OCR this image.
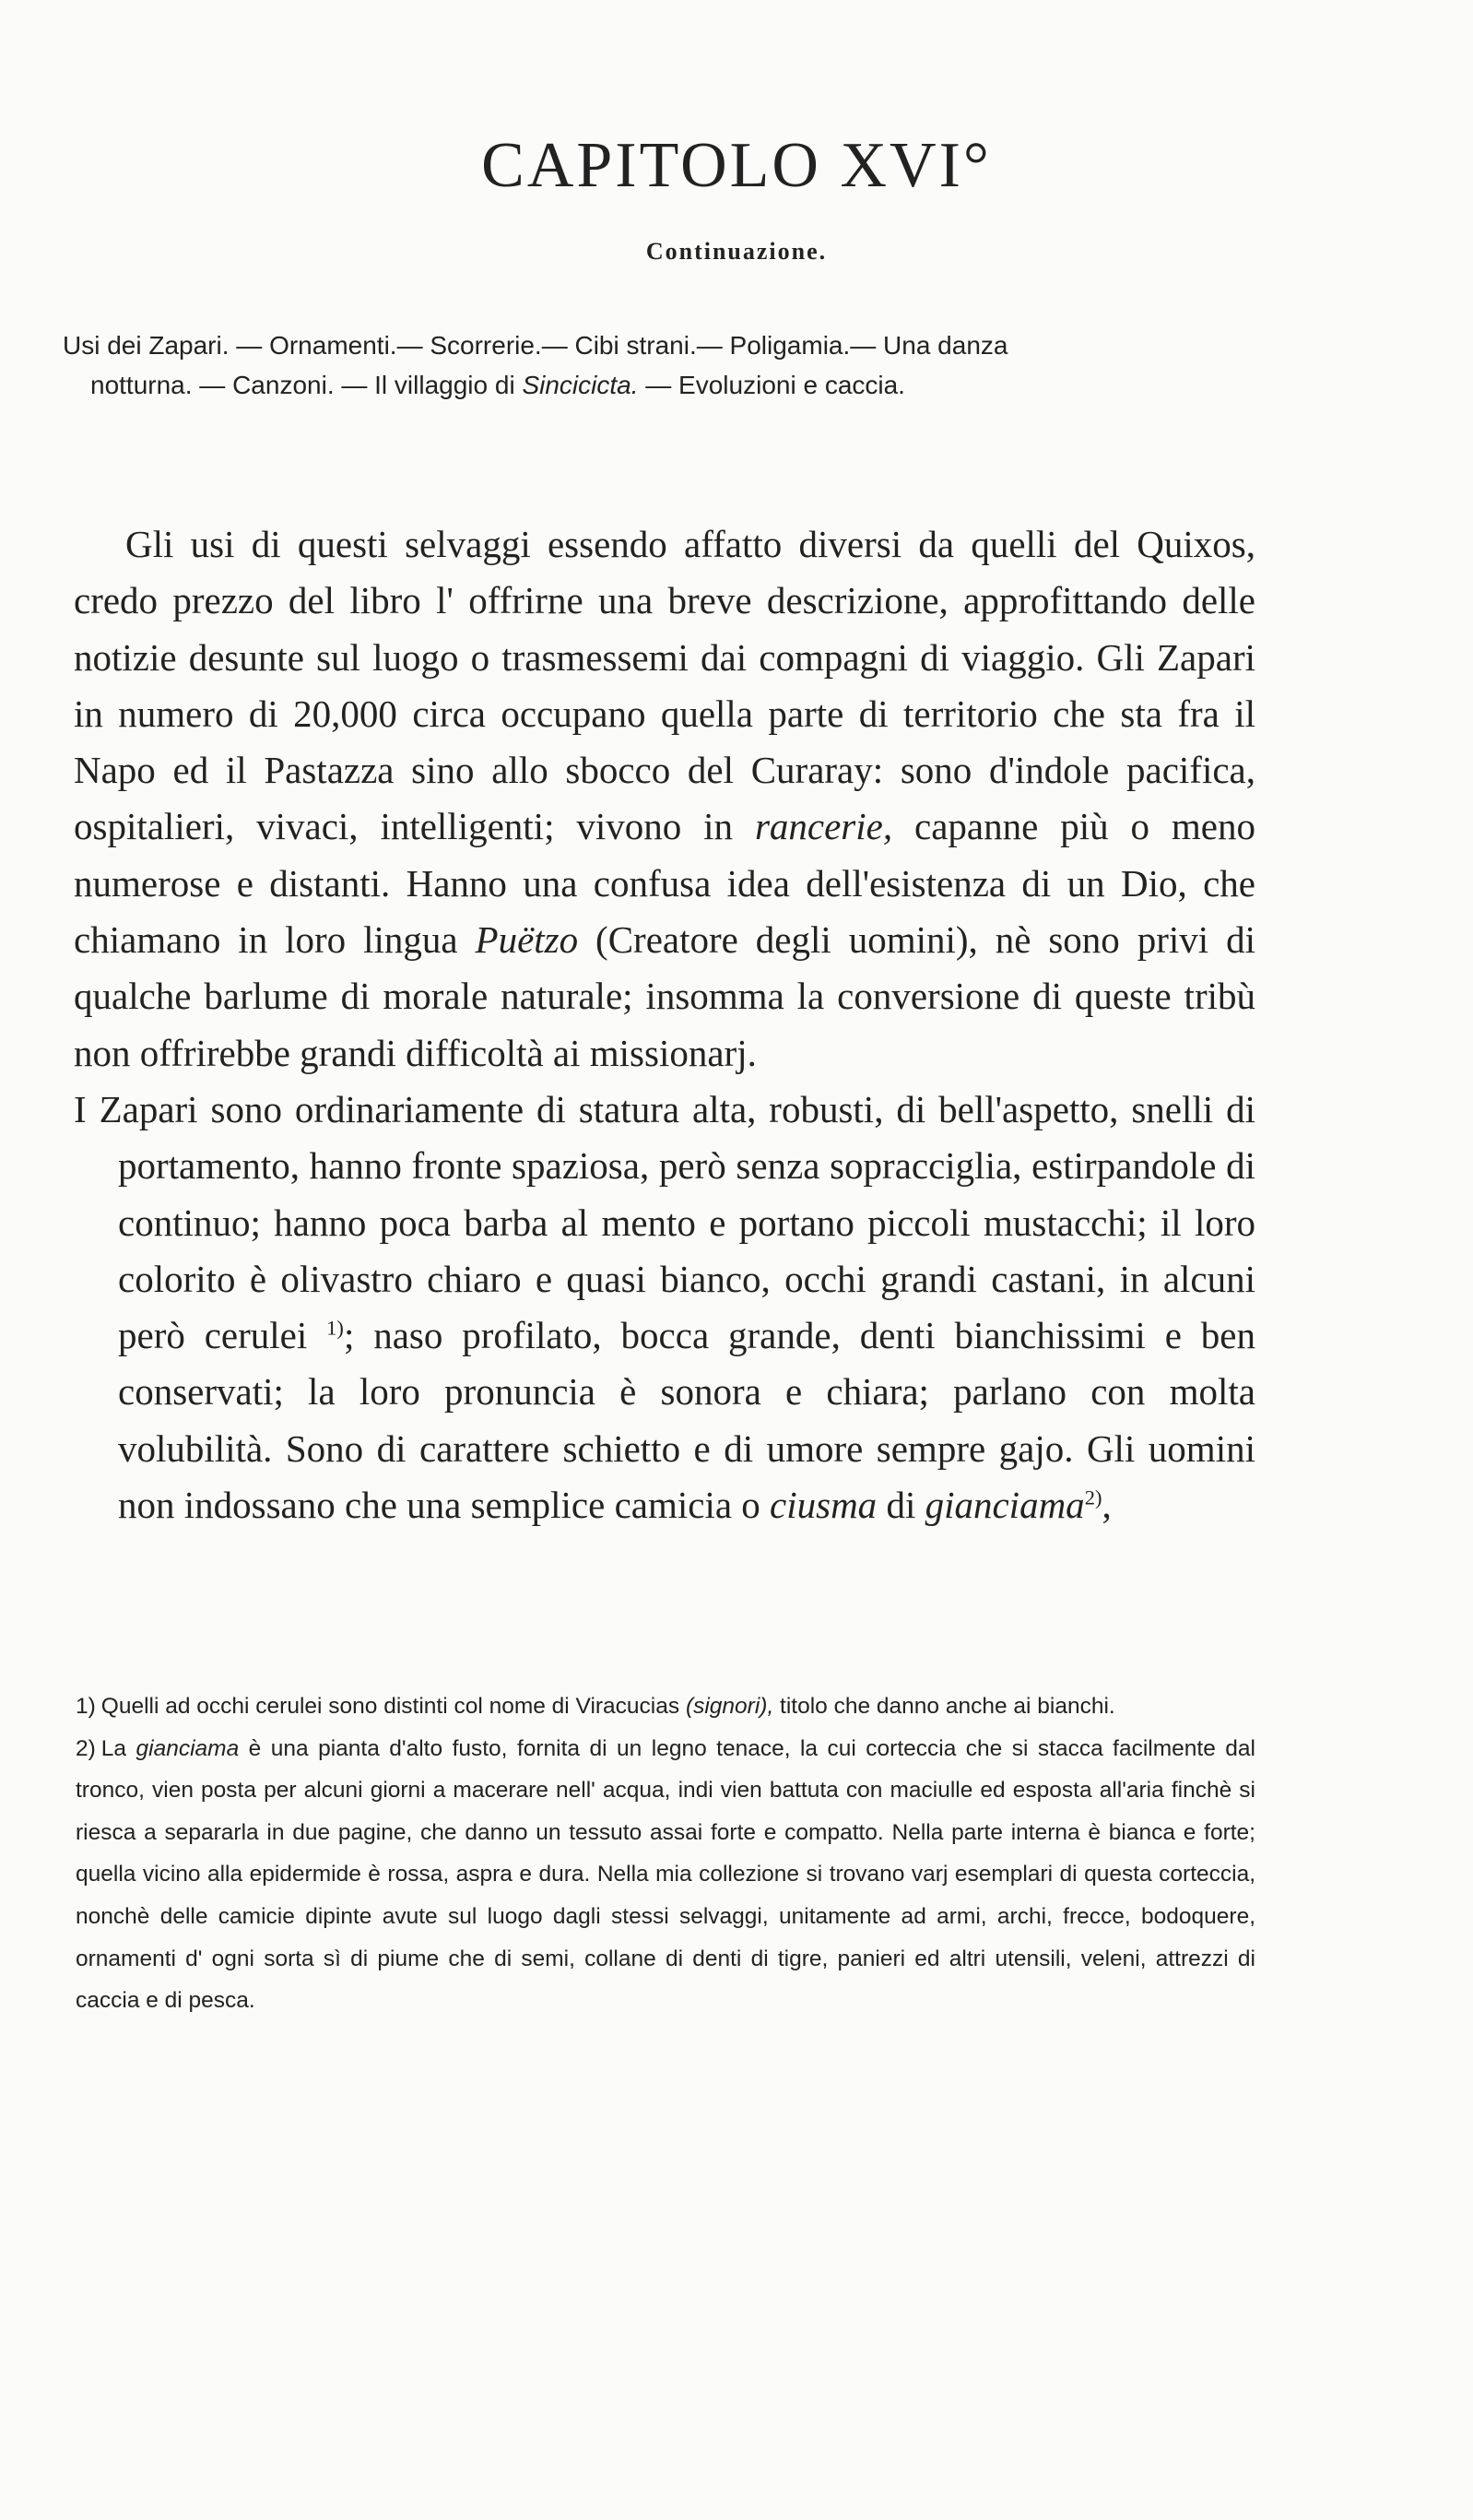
CAPITOLO XVI°
Continuazione.
Usi dei Zapari. — Ornamenti.— Scorrerie.— Cibi strani.— Poligamia.— Una danza
notturna. — Canzoni. — Il villaggio di Sincicicta. — Evoluzioni e caccia.

Gli usi di questi selvaggi essendo affatto diversi da quelli del Quixos, credo prezzo del libro l' offrirne una breve descrizione, approfittando delle notizie desunte sul luogo o trasmessemi dai compagni di viaggio. Gli Zapari in numero di 20,000 circa occupano quella parte di territorio che sta fra il Napo ed il Pastazza sino allo sbocco del Curaray: sono d'indole pacifica, ospitalieri, vivaci, intelligenti; vivono in rancerie, capanne più o meno numerose e distanti. Hanno una confusa idea dell'esistenza di un Dio, che chiamano in loro lingua Puëtzo (Creatore degli uomini), nè sono privi di qualche barlume di morale naturale; insomma la conversione di queste tribù non offrirebbe grandi difficoltà ai missionarj.

I Zapari sono ordinariamente di statura alta, robusti, di bell'aspetto, snelli di portamento, hanno fronte spaziosa, però senza sopracciglia, estirpandole di continuo; hanno poca barba al mento e portano piccoli mustacchi; il loro colorito è olivastro chiaro e quasi bianco, occhi grandi castani, in alcuni però cerulei $^{1)}$; naso profilato, bocca grande, denti bianchissimi e ben conservati; la loro pronuncia è sonora e chiara; parlano con molta volubilità. Sono di carattere schietto e di umore sempre gajo. Gli uomini non indossano che una semplice camicia o ciusma di gianciama$^{2)}$,

1) Quelli ad occhi cerulei sono distinti col nome di Viracucias (signori), titolo che danno anche ai bianchi.

2) La gianciama è una pianta d'alto fusto, fornita di un legno tenace, la cui corteccia che si stacca facilmente dal tronco, vien posta per alcuni giorni a macerare nell' acqua, indi vien battuta con maciulle ed esposta all'aria finchè si riesca a separarla in due pagine, che danno un tessuto assai forte e compatto. Nella parte interna è bianca e forte; quella vicino alla epidermide è rossa, aspra e dura. Nella mia collezione si trovano varj esemplari di questa corteccia, nonchè delle camicie dipinte avute sul luogo dagli stessi selvaggi, unitamente ad armi, archi, frecce, bodoquere, ornamenti d' ogni sorta sì di piume che di semi, collane di denti di tigre, panieri ed altri utensili, veleni, attrezzi di caccia e di pesca.
